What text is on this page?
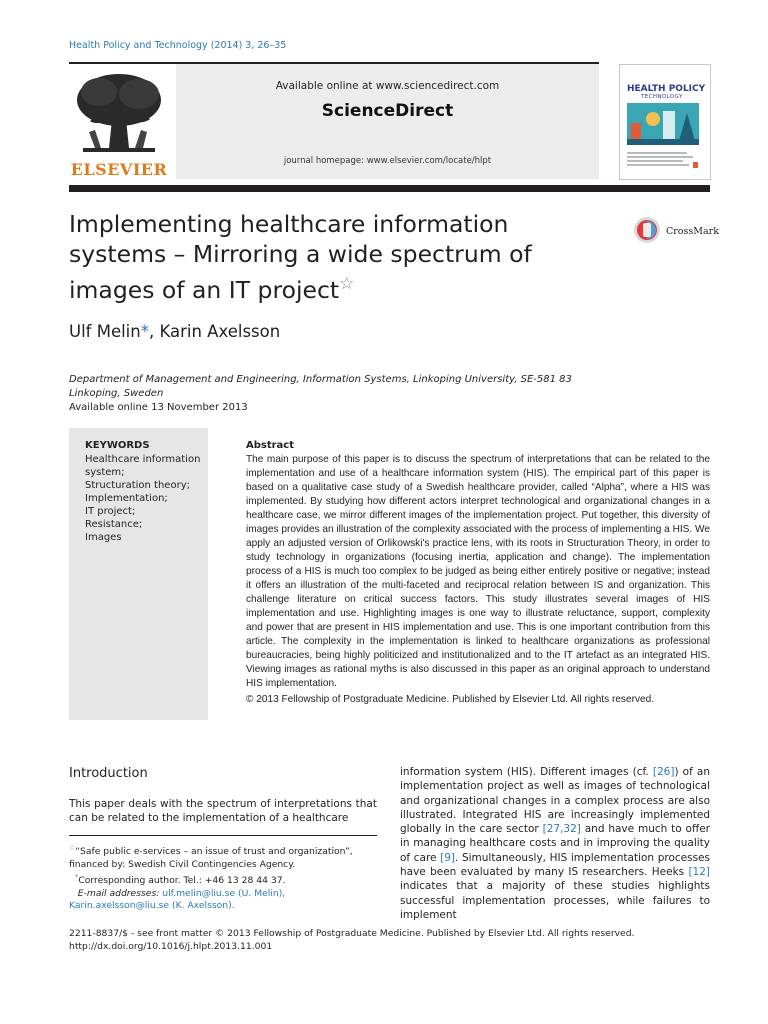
Health Policy and Technology (2014) 3, 26–35
ELSEVIER
Available online at www.sciencedirect.com
ScienceDirect
journal homepage: www.elsevier.com/locate/hlpt
HEALTH POLICY
TECHNOLOGY
Implementing healthcare information systems – Mirroring a wide spectrum of images of an IT project☆
CrossMark
Ulf Melin*, Karin Axelsson
Department of Management and Engineering, Information Systems, Linkoping University, SE-581 83 Linkoping, Sweden
Available online 13 November 2013
KEYWORDS
Healthcare information system;
Structuration theory;
Implementation;
IT project;
Resistance;
Images
Abstract
The main purpose of this paper is to discuss the spectrum of interpretations that can be related to the implementation and use of a healthcare information system (HIS). The empirical part of this paper is based on a qualitative case study of a Swedish healthcare provider, called “Alpha”, where a HIS was implemented. By studying how different actors interpret technological and organizational changes in a healthcare case, we mirror different images of the implementation project. Put together, this diversity of images provides an illustration of the complexity associated with the process of implementing a HIS. We apply an adjusted version of Orlikowski's practice lens, with its roots in Structuration Theory, in order to study technology in organizations (focusing inertia, application and change). The implementation process of a HIS is much too complex to be judged as being either entirely positive or negative; instead it offers an illustration of the multi-faceted and reciprocal relation between IS and organization. This challenge literature on critical success factors. This study illustrates several images of HIS implementation and use. Highlighting images is one way to illustrate reluctance, support, complexity and power that are present in HIS implementation and use. This is one important contribution from this article. The complexity in the implementation is linked to healthcare organizations as professional bureaucracies, being highly politicized and institutionalized and to the IT artefact as an integrated HIS. Viewing images as rational myths is also discussed in this paper as an original approach to understand HIS implementation.
© 2013 Fellowship of Postgraduate Medicine. Published by Elsevier Ltd. All rights reserved.
Introduction
This paper deals with the spectrum of interpretations that can be related to the implementation of a healthcare
information system (HIS). Different images (cf. [26]) of an implementation project as well as images of technological and organizational changes in a complex process are also illustrated. Integrated HIS are increasingly implemented globally in the care sector [27,32] and have much to offer in managing healthcare costs and in improving the quality of care [9]. Simultaneously, HIS implementation processes have been evaluated by many IS researchers. Heeks [12] indicates that a majority of these studies highlights successful implementation processes, while failures to implement
☆“Safe public e-services – an issue of trust and organization”, financed by: Swedish Civil Contingencies Agency.
*Corresponding author. Tel.: +46 13 28 44 37.
E-mail addresses: ulf.melin@liu.se (U. Melin),
Karin.axelsson@liu.se (K. Axelsson).
2211-8837/$ - see front matter © 2013 Fellowship of Postgraduate Medicine. Published by Elsevier Ltd. All rights reserved.
http://dx.doi.org/10.1016/j.hlpt.2013.11.001
